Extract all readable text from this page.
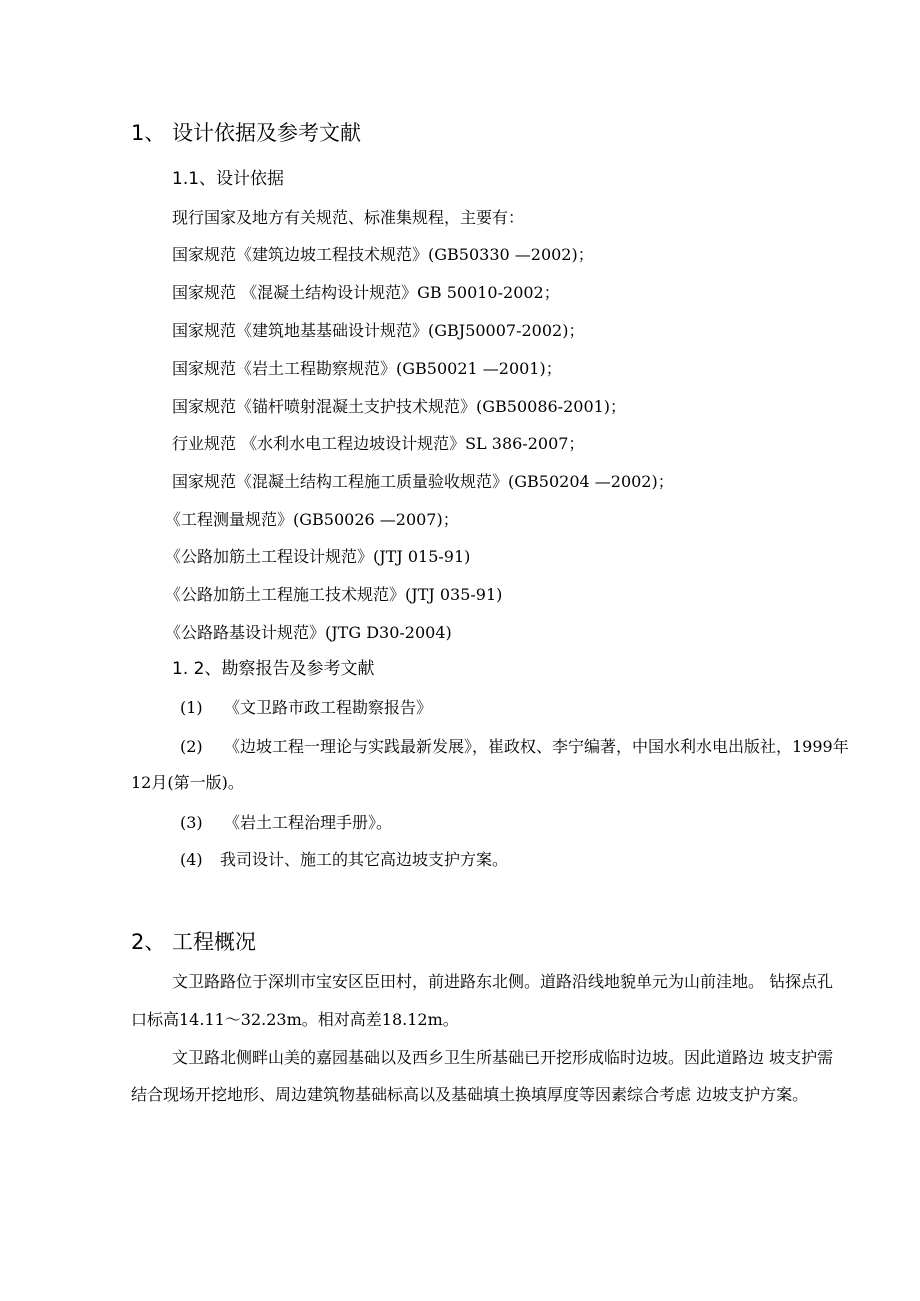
1、 设计依据及参考文献
1.1、设计依据
现行国家及地方有关规范、标准集规程，主要有：
国家规范《建筑边坡工程技术规范》(GB50330 —2002)；
国家规范 《混凝土结构设计规范》GB 50010-2002；
国家规范《建筑地基基础设计规范》(GBJ50007-2002)；
国家规范《岩土工程勘察规范》(GB50021 —2001)；
国家规范《锚杆喷射混凝土支护技术规范》(GB50086-2001)；
行业规范 《水利水电工程边坡设计规范》SL 386-2007；
国家规范《混凝土结构工程施工质量验收规范》(GB50204 —2002)；
《工程测量规范》(GB50026 —2007)；
《公路加筋土工程设计规范》(JTJ 015-91)
《公路加筋土工程施工技术规范》(JTJ 035-91)
《公路路基设计规范》(JTG D30-2004)
1. 2、勘察报告及参考文献
(1) 《文卫路市政工程勘察报告》
(2) 《边坡工程一理论与实践最新发展》，崔政权、李宁编著，中国水利水电出版社，1999年
12月(第一版)。
(3) 《岩土工程治理手册》。
(4) 我司设计、施工的其它高边坡支护方案。
2、 工程概况
文卫路路位于深圳市宝安区臣田村，前进路东北侧。道路沿线地貌单元为山前洼地。 钻探点孔
口标高14.11〜32.23m。相对高差18.12m。
文卫路北侧畔山美的嘉园基础以及西乡卫生所基础已开挖形成临时边坡。因此道路边 坡支护需
结合现场开挖地形、周边建筑物基础标高以及基础填土换填厚度等因素综合考虑 边坡支护方案。
